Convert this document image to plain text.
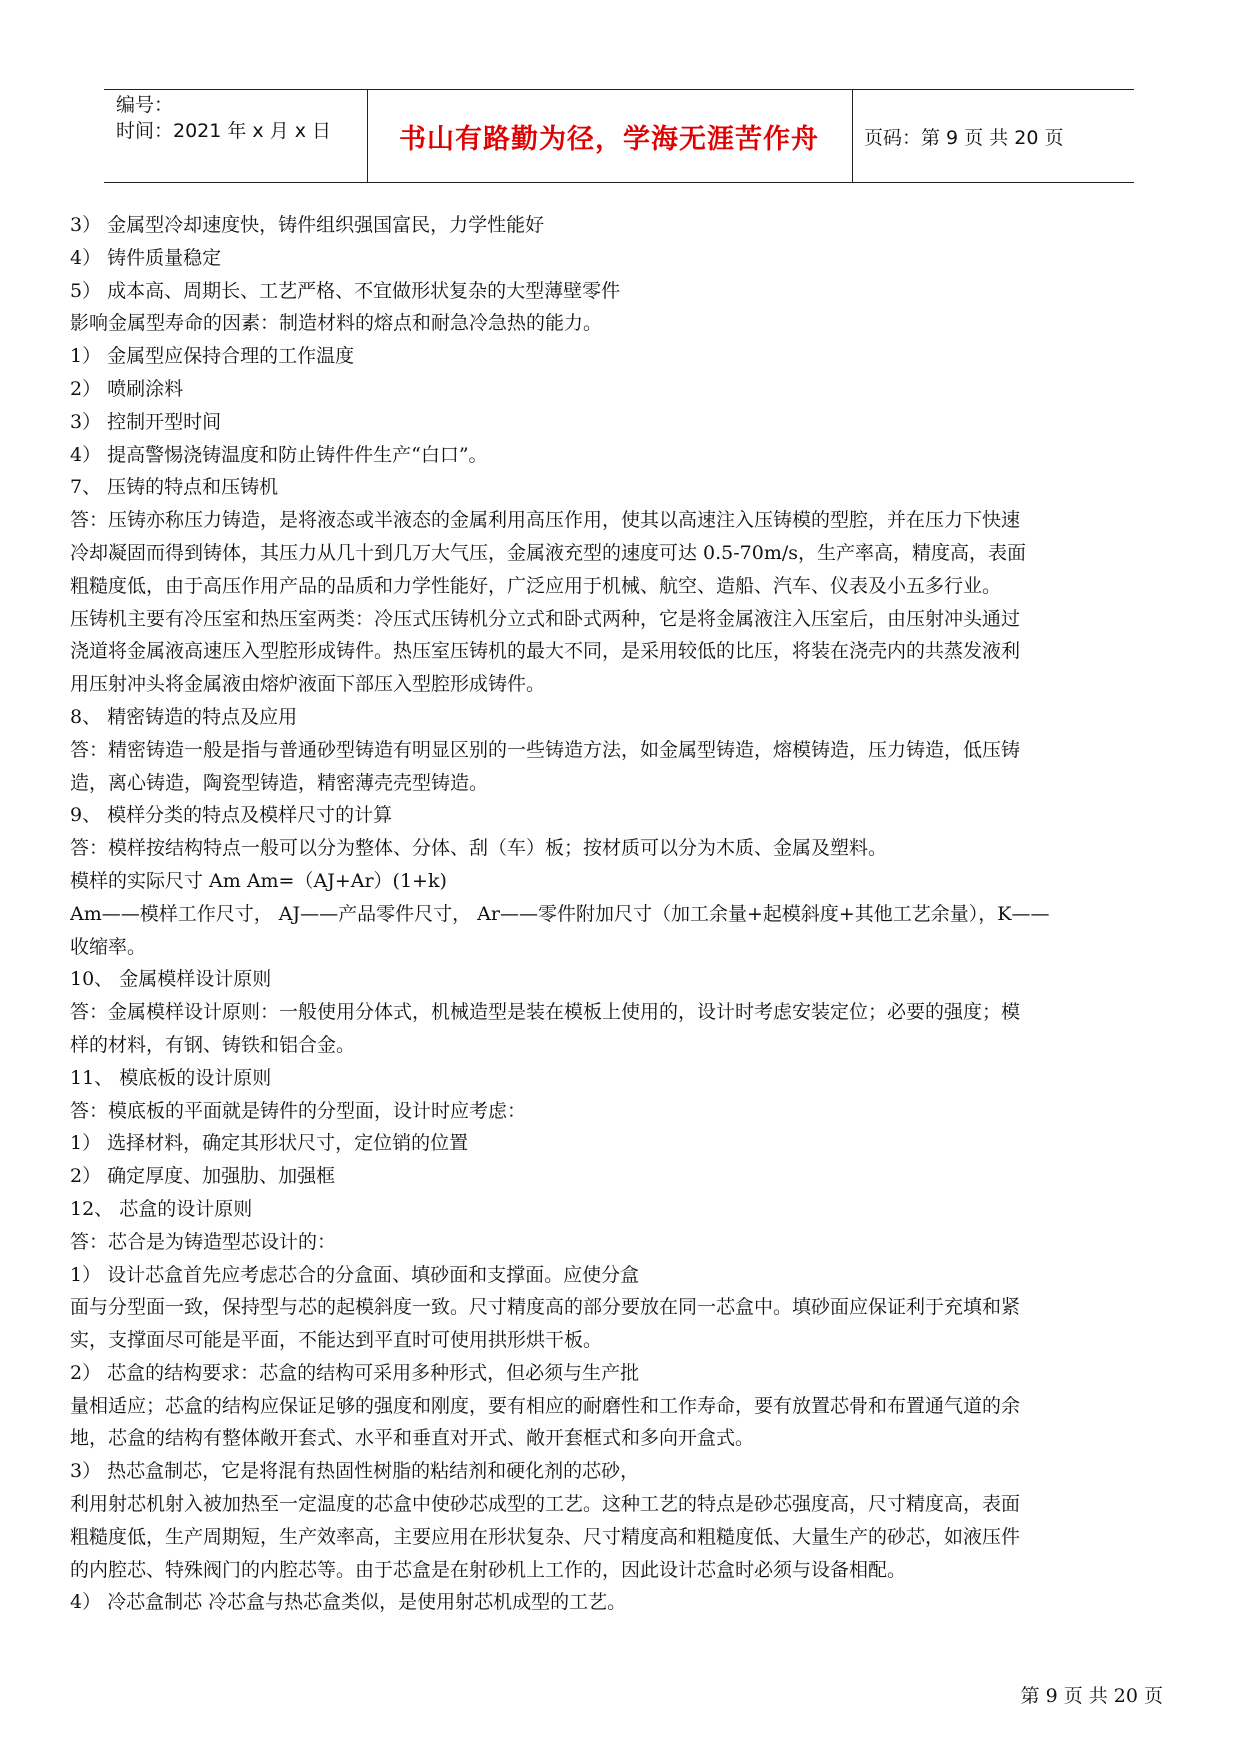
编号：
时间：2021 年 x 月 x 日	书山有路勤为径，学海无涯苦作舟	页码：第 9 页 共 20 页
3） 金属型冷却速度快，铸件组织强国富民，力学性能好
4） 铸件质量稳定
5） 成本高、周期长、工艺严格、不宜做形状复杂的大型薄壁零件
影响金属型寿命的因素：制造材料的熔点和耐急冷急热的能力。
1） 金属型应保持合理的工作温度
2） 喷刷涂料
3） 控制开型时间
4） 提高警惕浇铸温度和防止铸件件生产“白口”。
7、 压铸的特点和压铸机
答：压铸亦称压力铸造，是将液态或半液态的金属利用高压作用，使其以高速注入压铸模的型腔，并在压力下快速
冷却凝固而得到铸体，其压力从几十到几万大气压，金属液充型的速度可达 0.5-70m/s，生产率高，精度高，表面
粗糙度低，由于高压作用产品的品质和力学性能好，广泛应用于机械、航空、造船、汽车、仪表及小五多行业。
压铸机主要有冷压室和热压室两类：冷压式压铸机分立式和卧式两种，它是将金属液注入压室后，由压射冲头通过
浇道将金属液高速压入型腔形成铸件。热压室压铸机的最大不同，是采用较低的比压，将装在浇壳内的共蒸发液利
用压射冲头将金属液由熔炉液面下部压入型腔形成铸件。
8、 精密铸造的特点及应用
答：精密铸造一般是指与普通砂型铸造有明显区别的一些铸造方法，如金属型铸造，熔模铸造，压力铸造，低压铸
造，离心铸造，陶瓷型铸造，精密薄壳壳型铸造。
9、 模样分类的特点及模样尺寸的计算
答：模样按结构特点一般可以分为整体、分体、刮（车）板；按材质可以分为木质、金属及塑料。
模样的实际尺寸 Am Am=（AJ+Ar）(1+k)
Am——模样工作尺寸， AJ——产品零件尺寸， Ar——零件附加尺寸（加工余量+起模斜度+其他工艺余量），K——
收缩率。
10、 金属模样设计原则
答：金属模样设计原则：一般使用分体式，机械造型是装在模板上使用的，设计时考虑安装定位；必要的强度；模
样的材料，有钢、铸铁和铝合金。
11、 模底板的设计原则
答：模底板的平面就是铸件的分型面，设计时应考虑：
1） 选择材料，确定其形状尺寸，定位销的位置
2） 确定厚度、加强肋、加强框
12、 芯盒的设计原则
答：芯合是为铸造型芯设计的：
1） 设计芯盒首先应考虑芯合的分盒面、填砂面和支撑面。应使分盒
面与分型面一致，保持型与芯的起模斜度一致。尺寸精度高的部分要放在同一芯盒中。填砂面应保证利于充填和紧
实，支撑面尽可能是平面，不能达到平直时可使用拱形烘干板。
2） 芯盒的结构要求：芯盒的结构可采用多种形式，但必须与生产批
量相适应；芯盒的结构应保证足够的强度和刚度，要有相应的耐磨性和工作寿命，要有放置芯骨和布置通气道的余
地，芯盒的结构有整体敞开套式、水平和垂直对开式、敞开套框式和多向开盒式。
3） 热芯盒制芯，它是将混有热固性树脂的粘结剂和硬化剂的芯砂，
利用射芯机射入被加热至一定温度的芯盒中使砂芯成型的工艺。这种工艺的特点是砂芯强度高，尺寸精度高，表面
粗糙度低，生产周期短，生产效率高，主要应用在形状复杂、尺寸精度高和粗糙度低、大量生产的砂芯，如液压件
的内腔芯、特殊阀门的内腔芯等。由于芯盒是在射砂机上工作的，因此设计芯盒时必须与设备相配。
4） 冷芯盒制芯 冷芯盒与热芯盒类似，是使用射芯机成型的工艺。
第 9 页 共 20 页
